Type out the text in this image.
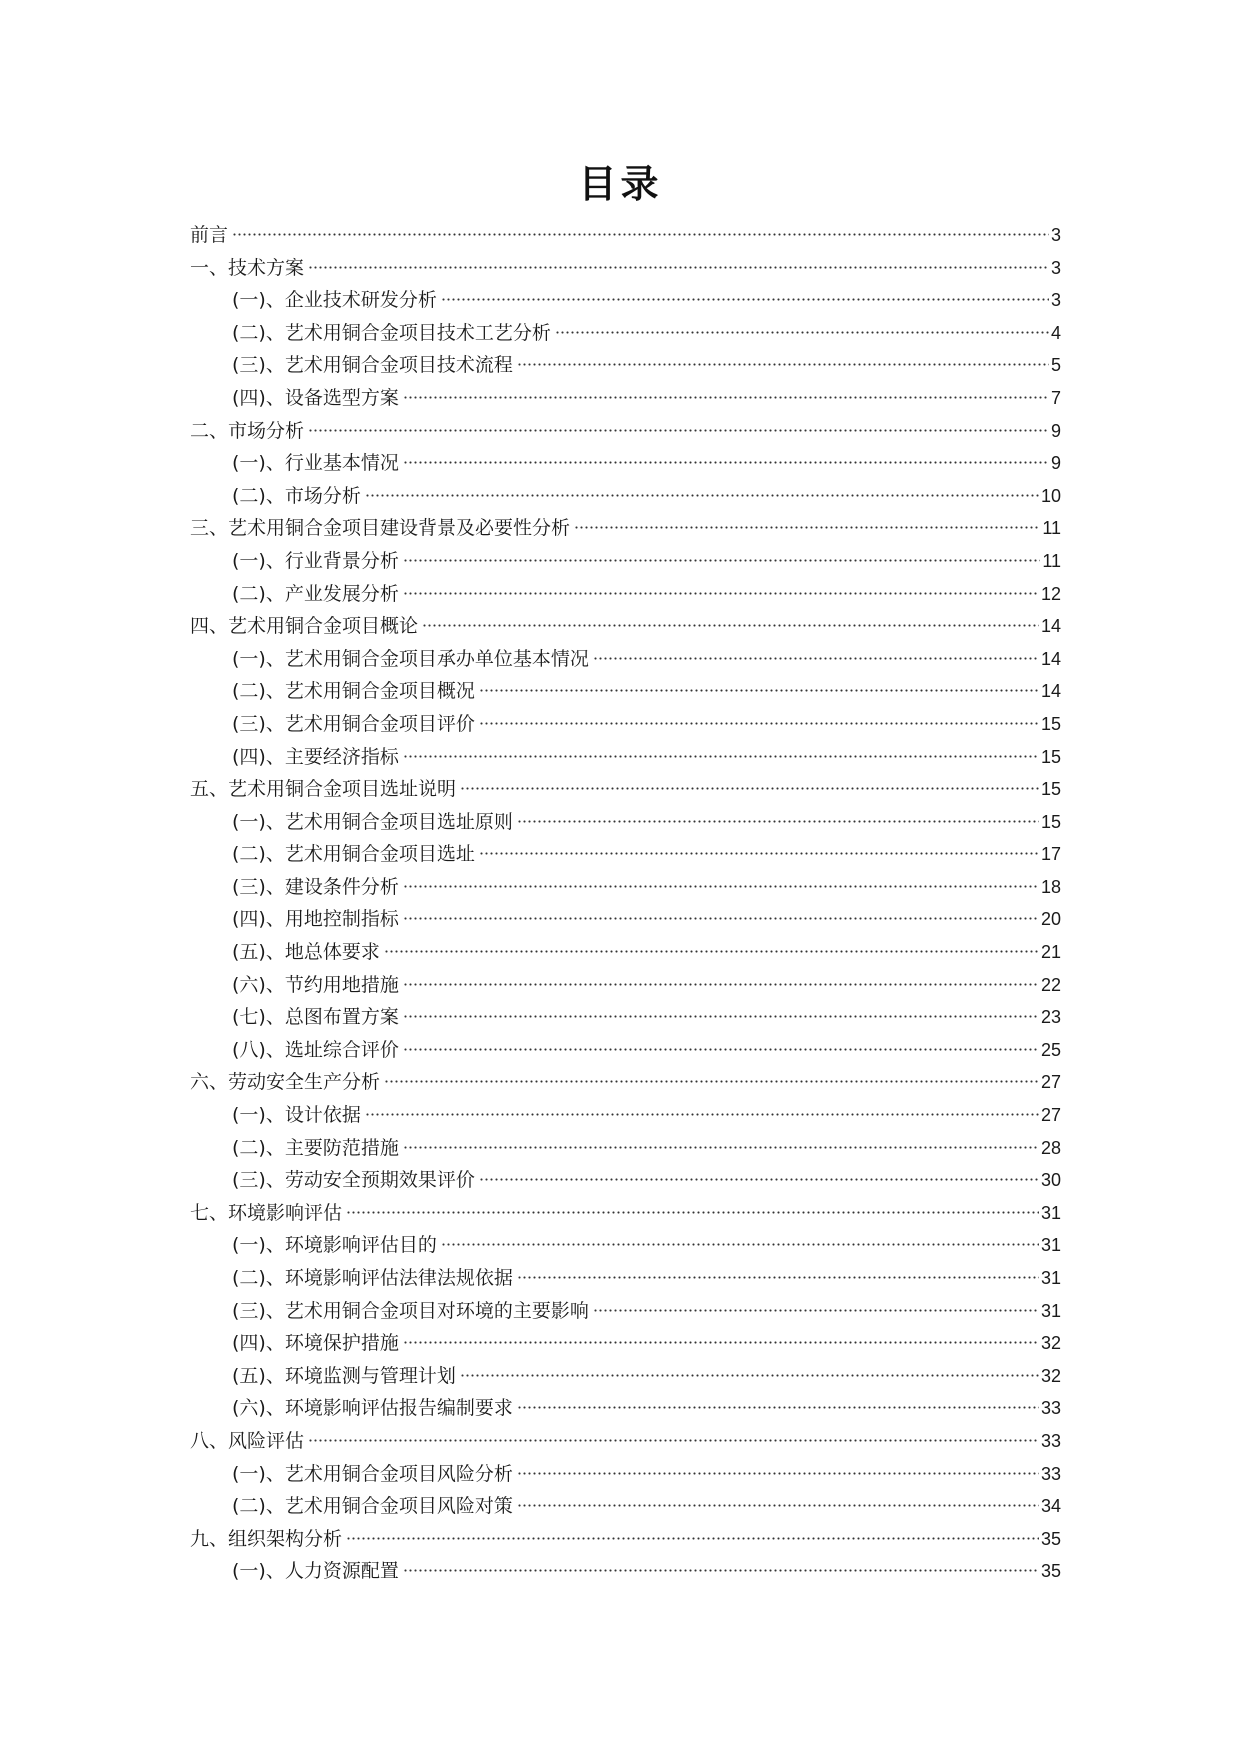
目录
前言	3
一、技术方案	3
(一)、企业技术研发分析	3
(二)、艺术用铜合金项目技术工艺分析	4
(三)、艺术用铜合金项目技术流程	5
(四)、设备选型方案	7
二、市场分析	9
(一)、行业基本情况	9
(二)、市场分析	10
三、艺术用铜合金项目建设背景及必要性分析	11
(一)、行业背景分析	11
(二)、产业发展分析	12
四、艺术用铜合金项目概论	14
(一)、艺术用铜合金项目承办单位基本情况	14
(二)、艺术用铜合金项目概况	14
(三)、艺术用铜合金项目评价	15
(四)、主要经济指标	15
五、艺术用铜合金项目选址说明	15
(一)、艺术用铜合金项目选址原则	15
(二)、艺术用铜合金项目选址	17
(三)、建设条件分析	18
(四)、用地控制指标	20
(五)、地总体要求	21
(六)、节约用地措施	22
(七)、总图布置方案	23
(八)、选址综合评价	25
六、劳动安全生产分析	27
(一)、设计依据	27
(二)、主要防范措施	28
(三)、劳动安全预期效果评价	30
七、环境影响评估	31
(一)、环境影响评估目的	31
(二)、环境影响评估法律法规依据	31
(三)、艺术用铜合金项目对环境的主要影响	31
(四)、环境保护措施	32
(五)、环境监测与管理计划	32
(六)、环境影响评估报告编制要求	33
八、风险评估	33
(一)、艺术用铜合金项目风险分析	33
(二)、艺术用铜合金项目风险对策	34
九、组织架构分析	35
(一)、人力资源配置	35
